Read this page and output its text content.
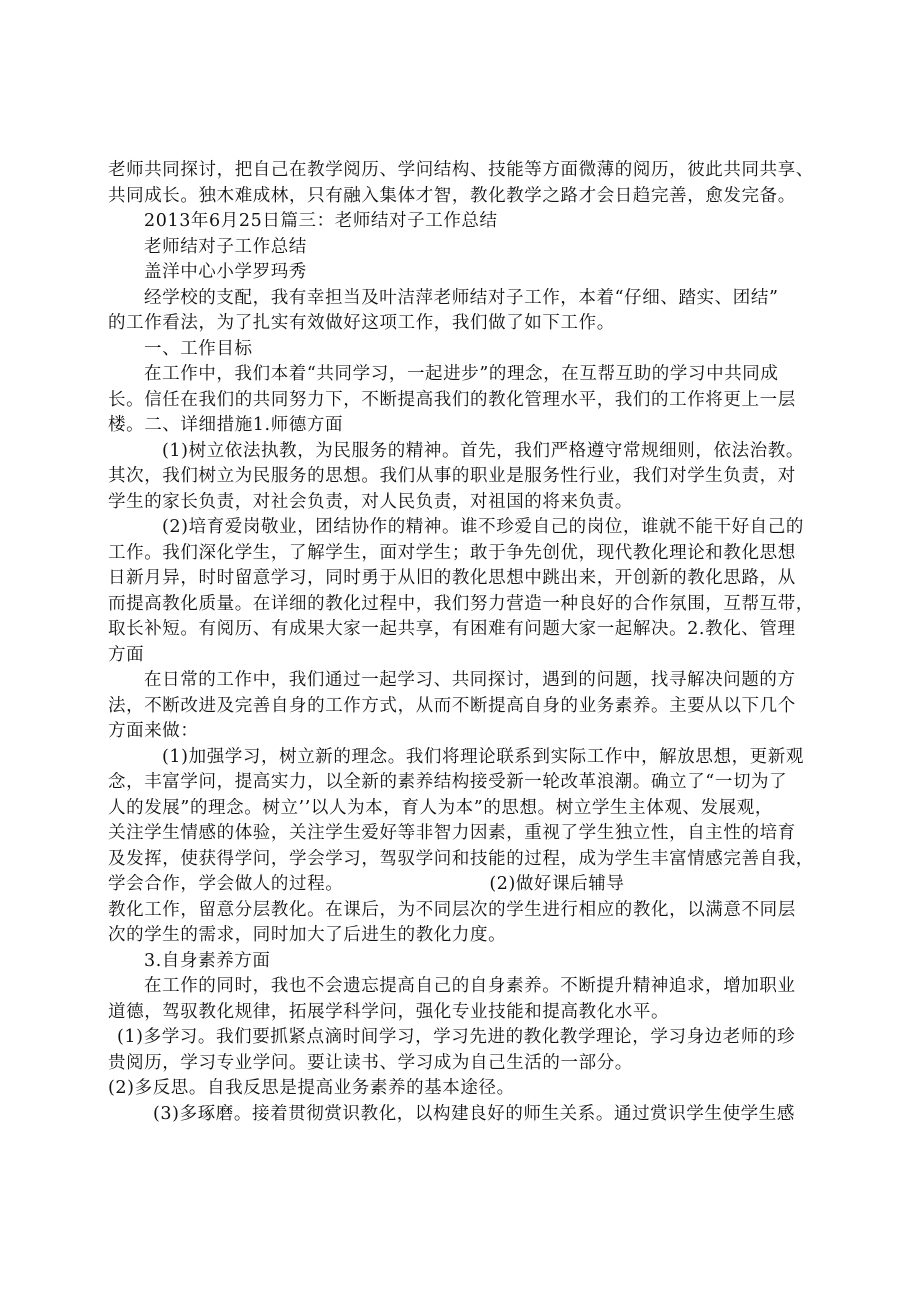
老师共同探讨，把自己在教学阅历、学问结构、技能等方面微薄的阅历，彼此共同共享、
共同成长。独木难成林，只有融入集体才智，教化教学之路才会日趋完善，愈发完备。
2013年6月25日篇三：老师结对子工作总结
老师结对子工作总结
盖洋中心小学罗玛秀
经学校的支配，我有幸担当及叶洁萍老师结对子工作，本着“仔细、踏实、团结”
的工作看法，为了扎实有效做好这项工作，我们做了如下工作。
一、工作目标
在工作中，我们本着“共同学习，一起进步”的理念，在互帮互助的学习中共同成
长。信任在我们的共同努力下，不断提高我们的教化管理水平，我们的工作将更上一层
楼。二、详细措施1.师德方面
(1)树立依法执教，为民服务的精神。首先，我们严格遵守常规细则，依法治教。
其次，我们树立为民服务的思想。我们从事的职业是服务性行业，我们对学生负责，对
学生的家长负责，对社会负责，对人民负责，对祖国的将来负责。
(2)培育爱岗敬业，团结协作的精神。谁不珍爱自己的岗位，谁就不能干好自己的
工作。我们深化学生，了解学生，面对学生；敢于争先创优，现代教化理论和教化思想
日新月异，时时留意学习，同时勇于从旧的教化思想中跳出来，开创新的教化思路，从
而提高教化质量。在详细的教化过程中，我们努力营造一种良好的合作氛围，互帮互带，
取长补短。有阅历、有成果大家一起共享，有困难有问题大家一起解决。2.教化、管理
方面
在日常的工作中，我们通过一起学习、共同探讨，遇到的问题，找寻解决问题的方
法，不断改进及完善自身的工作方式，从而不断提高自身的业务素养。主要从以下几个
方面来做：
(1)加强学习，树立新的理念。我们将理论联系到实际工作中，解放思想，更新观
念，丰富学问，提高实力，以全新的素养结构接受新一轮改革浪潮。确立了“一切为了
人的发展”的理念。树立’’以人为本，育人为本”的思想。树立学生主体观、发展观，
关注学生情感的体验，关注学生爱好等非智力因素，重视了学生独立性，自主性的培育
及发挥，使获得学问，学会学习，驾驭学问和技能的过程，成为学生丰富情感完善自我，
学会合作，学会做人的过程。	(2)做好课后辅导
教化工作，留意分层教化。在课后，为不同层次的学生进行相应的教化，以满意不同层
次的学生的需求，同时加大了后进生的教化力度。
3.自身素养方面
在工作的同时，我也不会遗忘提高自己的自身素养。不断提升精神追求，增加职业
道德，驾驭教化规律，拓展学科学问，强化专业技能和提高教化水平。
(1)多学习。我们要抓紧点滴时间学习，学习先进的教化教学理论，学习身边老师的珍
贵阅历，学习专业学问。要让读书、学习成为自己生活的一部分。
(2)多反思。自我反思是提高业务素养的基本途径。
(3)多琢磨。接着贯彻赏识教化，以构建良好的师生关系。通过赏识学生使学生感
